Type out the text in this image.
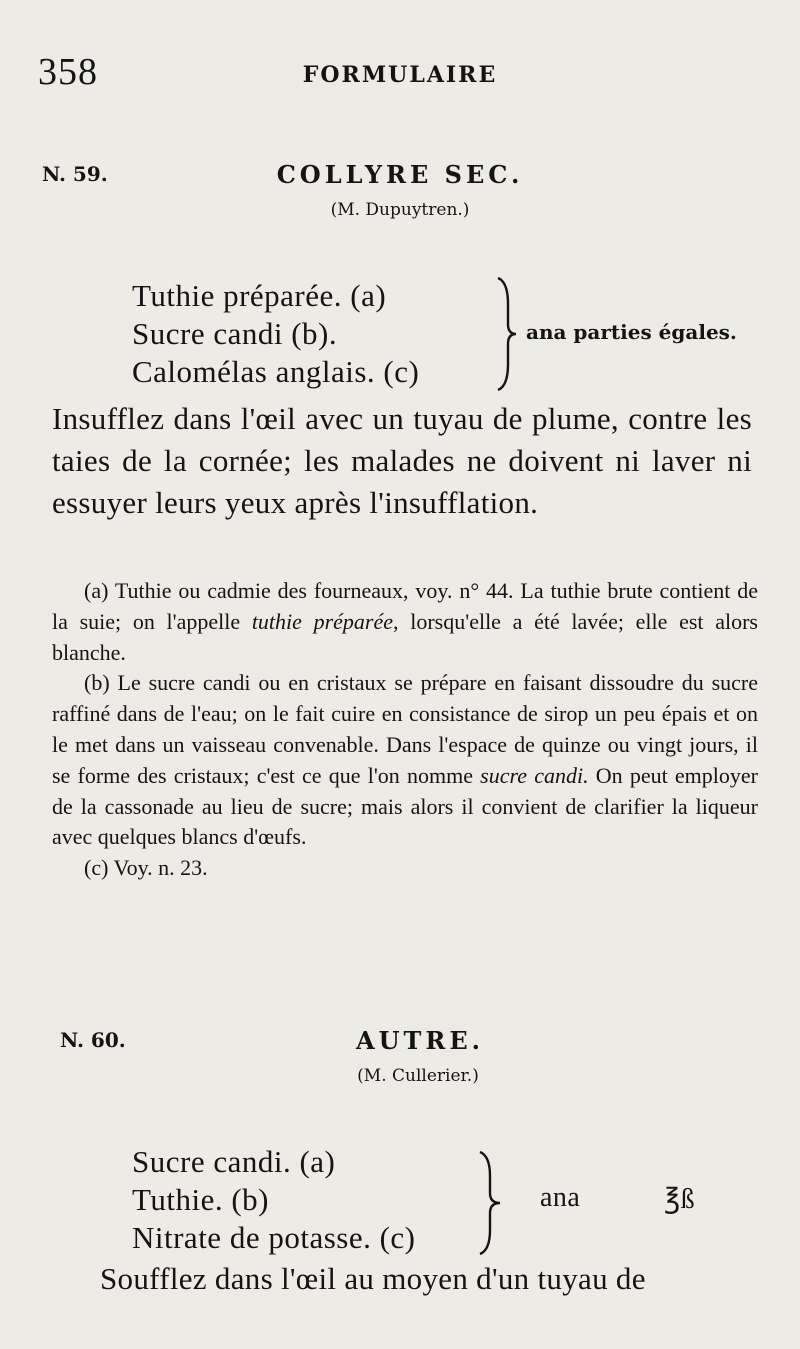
358	FORMULAIRE
N. 59.	COLLYRE SEC.
(M. Dupuytren.)
Tuthie préparée. (a)
Sucre candi (b).
Calomélas anglais. (c)
ana parties égales.
Insufflez dans l'œil avec un tuyau de plume, contre les taies de la cornée; les malades ne doivent ni laver ni essuyer leurs yeux après l'insufflation.

(a) Tuthie ou cadmie des fourneaux, voy. n° 44. La tuthie brute contient de la suie; on l'appelle tuthie préparée, lorsqu'elle a été lavée; elle est alors blanche.

(b) Le sucre candi ou en cristaux se prépare en faisant dissoudre du sucre raffiné dans de l'eau; on le fait cuire en consistance de sirop un peu épais et on le met dans un vaisseau convenable. Dans l'espace de quinze ou vingt jours, il se forme des cristaux; c'est ce que l'on nomme sucre candi. On peut employer de la cassonade au lieu de sucre; mais alors il convient de clarifier la liqueur avec quelques blancs d'œufs.

(c) Voy. n. 23.

N. 60.	AUTRE.
(M. Cullerier.)
Sucre candi. (a)
Tuthie. (b)
Nitrate de potasse. (c)
ana	℥ß
Soufflez dans l'œil au moyen d'un tuyau de
